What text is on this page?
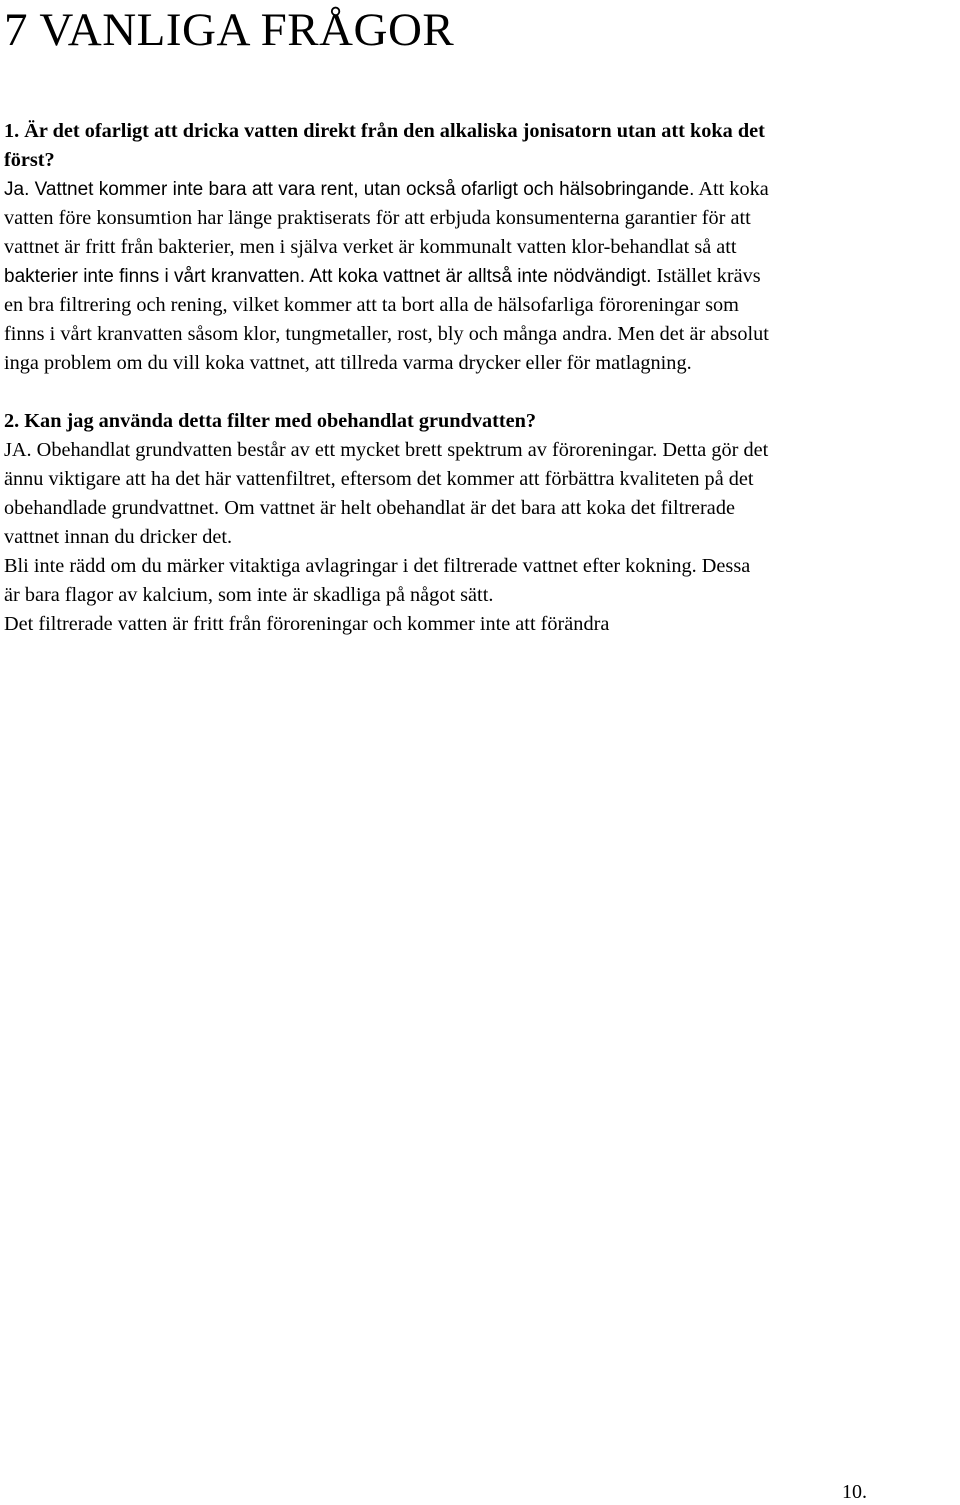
7 VANLIGA FRÅGOR
1. Är det ofarligt att dricka vatten direkt från den alkaliska jonisatorn utan att koka det
först?
Ja. Vattnet kommer inte bara att vara rent, utan också ofarligt och hälsobringande. Att koka
vatten före konsumtion har länge praktiserats för att erbjuda konsumenterna garantier för att
vattnet är fritt från bakterier, men i själva verket är kommunalt vatten klor-behandlat så att
bakterier inte finns i vårt kranvatten. Att koka vattnet är alltså inte nödvändigt. Istället krävs
en bra filtrering och rening, vilket kommer att ta bort alla de hälsofarliga föroreningar som
finns i vårt kranvatten såsom klor, tungmetaller, rost, bly och många andra. Men det är absolut
inga problem om du vill koka vattnet, att tillreda varma drycker eller för matlagning.
2. Kan jag använda detta filter med obehandlat grundvatten?
JA. Obehandlat grundvatten består av ett mycket brett spektrum av föroreningar. Detta gör det
ännu viktigare att ha det här vattenfiltret, eftersom det kommer att förbättra kvaliteten på det
obehandlade grundvattnet. Om vattnet är helt obehandlat är det bara att koka det filtrerade
vattnet innan du dricker det.
Bli inte rädd om du märker vitaktiga avlagringar i det filtrerade vattnet efter kokning. Dessa
är bara flagor av kalcium, som inte är skadliga på något sätt.
Det filtrerade vatten är fritt från föroreningar och kommer inte att förändra
10.
